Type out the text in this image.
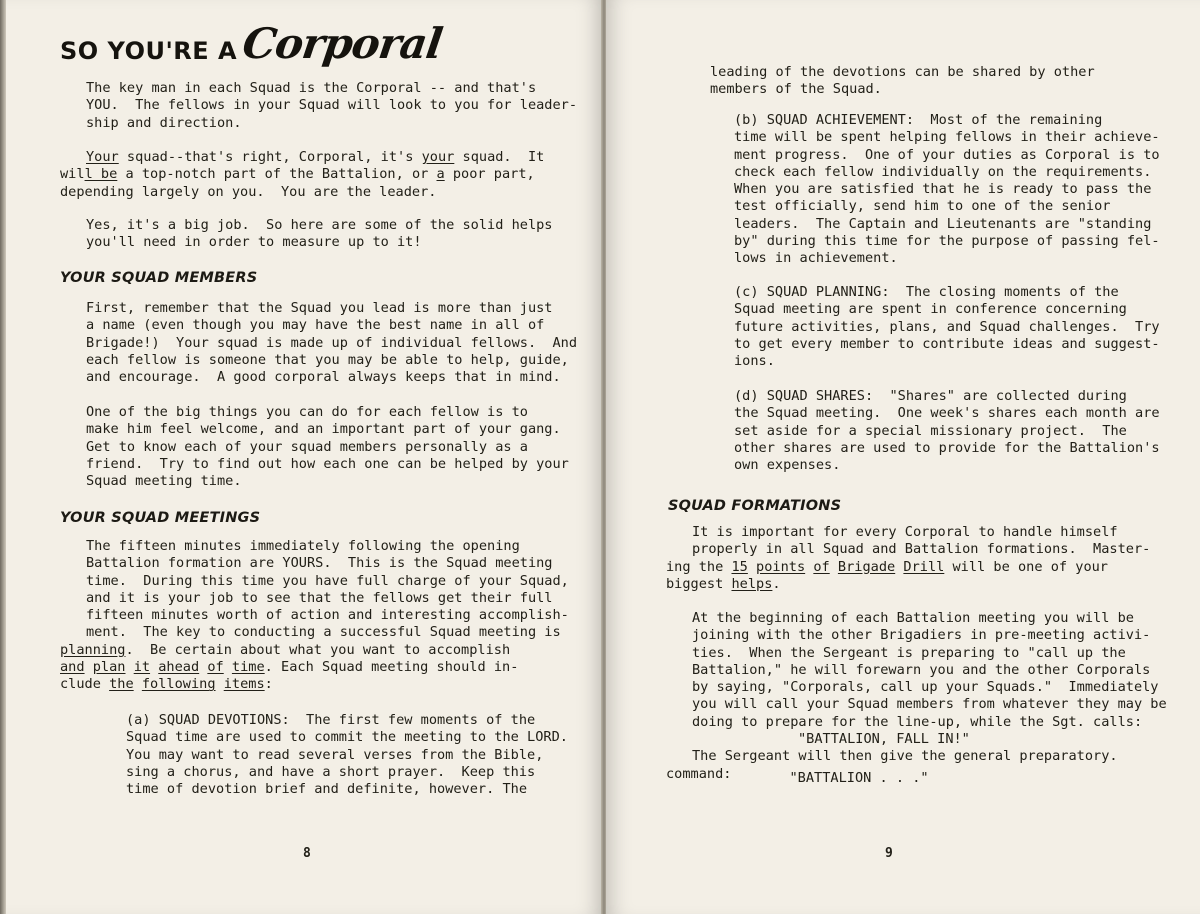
SO YOU'RE A Corporal

The key man in each Squad is the Corporal -- and that's
YOU.  The fellows in your Squad will look to you for leader-
ship and direction.

Your squad--that's right, Corporal, it's your squad.  It

will be a top-notch part of the Battalion, or a poor part,

depending largely on you.  You are the leader.

Yes, it's a big job.  So here are some of the solid helps
you'll need in order to measure up to it!

YOUR SQUAD MEMBERS

First, remember that the Squad you lead is more than just
a name (even though you may have the best name in all of
Brigade!)  Your squad is made up of individual fellows.  And
each fellow is someone that you may be able to help, guide,
and encourage.  A good corporal always keeps that in mind.

One of the big things you can do for each fellow is to
make him feel welcome, and an important part of your gang.
Get to know each of your squad members personally as a
friend.  Try to find out how each one can be helped by your
Squad meeting time.

YOUR SQUAD MEETINGS

The fifteen minutes immediately following the opening
Battalion formation are YOURS.  This is the Squad meeting
time.  During this time you have full charge of your Squad,
and it is your job to see that the fellows get their full
fifteen minutes worth of action and interesting accomplish-
ment.  The key to conducting a successful Squad meeting is

planning.  Be certain about what you want to accomplish

and plan it ahead of time. Each Squad meeting should in-

clude the following items:

(a) SQUAD DEVOTIONS:  The first few moments of the
Squad time are used to commit the meeting to the LORD.
You may want to read several verses from the Bible,
sing a chorus, and have a short prayer.  Keep this
time of devotion brief and definite, however. The

8

leading of the devotions can be shared by other
members of the Squad.

(b) SQUAD ACHIEVEMENT:  Most of the remaining
time will be spent helping fellows in their achieve-
ment progress.  One of your duties as Corporal is to
check each fellow individually on the requirements.
When you are satisfied that he is ready to pass the
test officially, send him to one of the senior
leaders.  The Captain and Lieutenants are "standing
by" during this time for the purpose of passing fel-
lows in achievement.

(c) SQUAD PLANNING:  The closing moments of the
Squad meeting are spent in conference concerning
future activities, plans, and Squad challenges.  Try
to get every member to contribute ideas and suggest-
ions.

(d) SQUAD SHARES:  "Shares" are collected during
the Squad meeting.  One week's shares each month are
set aside for a special missionary project.  The
other shares are used to provide for the Battalion's
own expenses.

SQUAD FORMATIONS

It is important for every Corporal to handle himself
properly in all Squad and Battalion formations.  Master-

ing the 15 points of Brigade Drill will be one of your

biggest helps.

At the beginning of each Battalion meeting you will be
joining with the other Brigadiers in pre-meeting activi-
ties.  When the Sergeant is preparing to "call up the
Battalion," he will forewarn you and the other Corporals
by saying, "Corporals, call up your Squads."  Immediately
you will call your Squad members from whatever they may be
doing to prepare for the line-up, while the Sgt. calls:

"BATTALION, FALL IN!"

The Sergeant will then give the general preparatory.

command:	"BATTALION . . ."

9
